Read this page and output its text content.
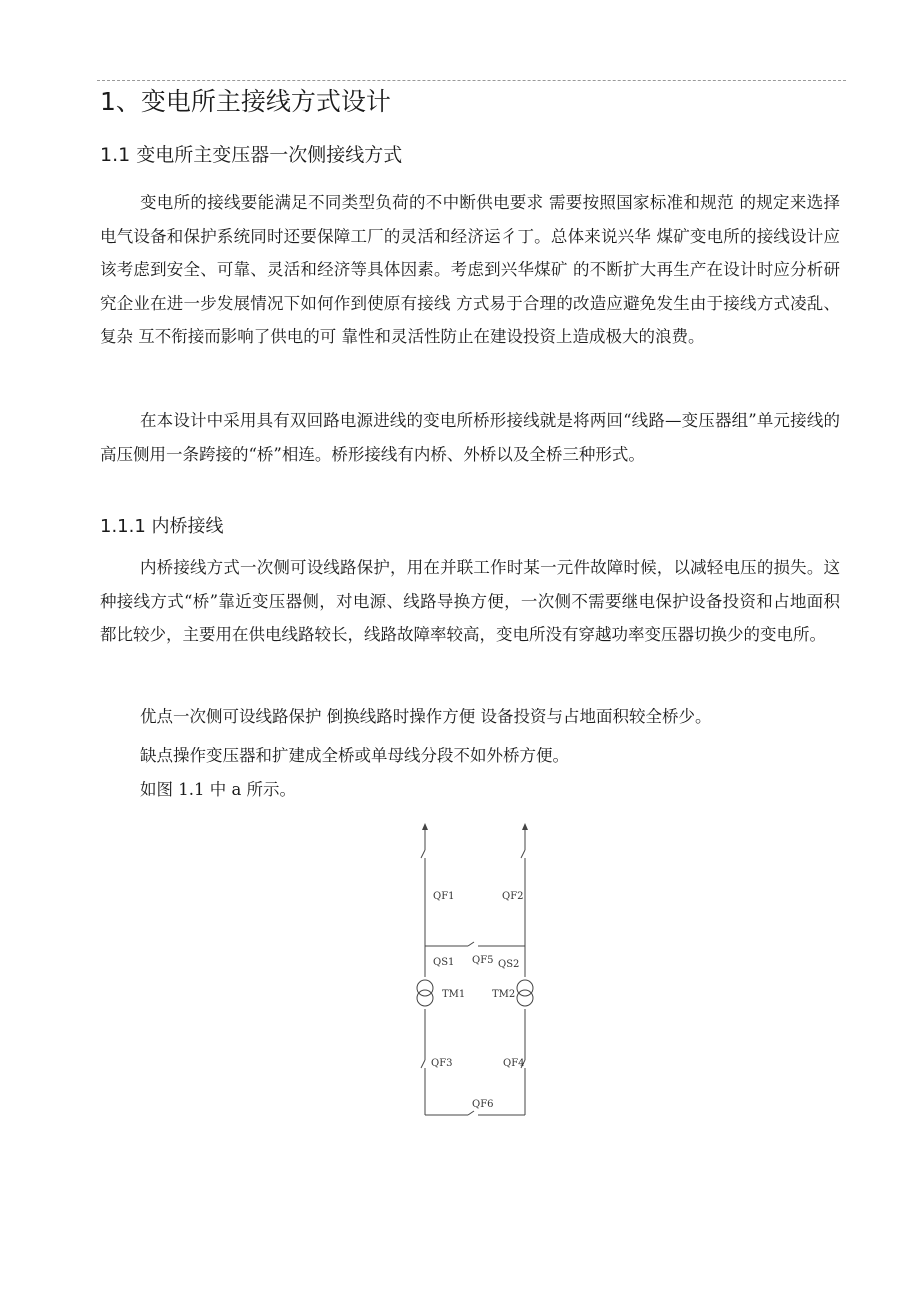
1、变电所主接线方式设计
1.1 变电所主变压器一次侧接线方式

变电所的接线要能满足不同类型负荷的不中断供电要求 需要按照国家标准和规范 的规定来选择电气设备和保护系统同时还要保障工厂的灵活和经济运彳丁。总体来说兴华 煤矿变电所的接线设计应该考虑到安全、可靠、灵活和经济等具体因素。考虑到兴华煤矿 的不断扩大再生产在设计时应分析研究企业在进一步发展情况下如何作到使原有接线 方式易于合理的改造应避免发生由于接线方式凌乱、复杂 互不衔接而影响了供电的可 靠性和灵活性防止在建设投资上造成极大的浪费。

在本设计中采用具有双回路电源进线的变电所桥形接线就是将两回“线路—变压器组”单元接线的高压侧用一条跨接的“桥”相连。桥形接线有内桥、外桥以及全桥三种形式。

1.1.1 内桥接线

内桥接线方式一次侧可设线路保护，用在并联工作时某一元件故障时候，以减轻电压的损失。这种接线方式“桥”靠近变压器侧，对电源、线路导换方便，一次侧不需要继电保护设备投资和占地面积都比较少，主要用在供电线路较长，线路故障率较高，变电所没有穿越功率变压器切换少的变电所。

优点一次侧可设线路保护 倒换线路时操作方便 设备投资与占地面积较全桥少。
缺点操作变压器和扩建成全桥或单母线分段不如外桥方便。
如图 1.1 中 a 所示。
QF1	QF2
QS1 QF5 QS2
TM1	TM2
QF3	QF4
QF6
